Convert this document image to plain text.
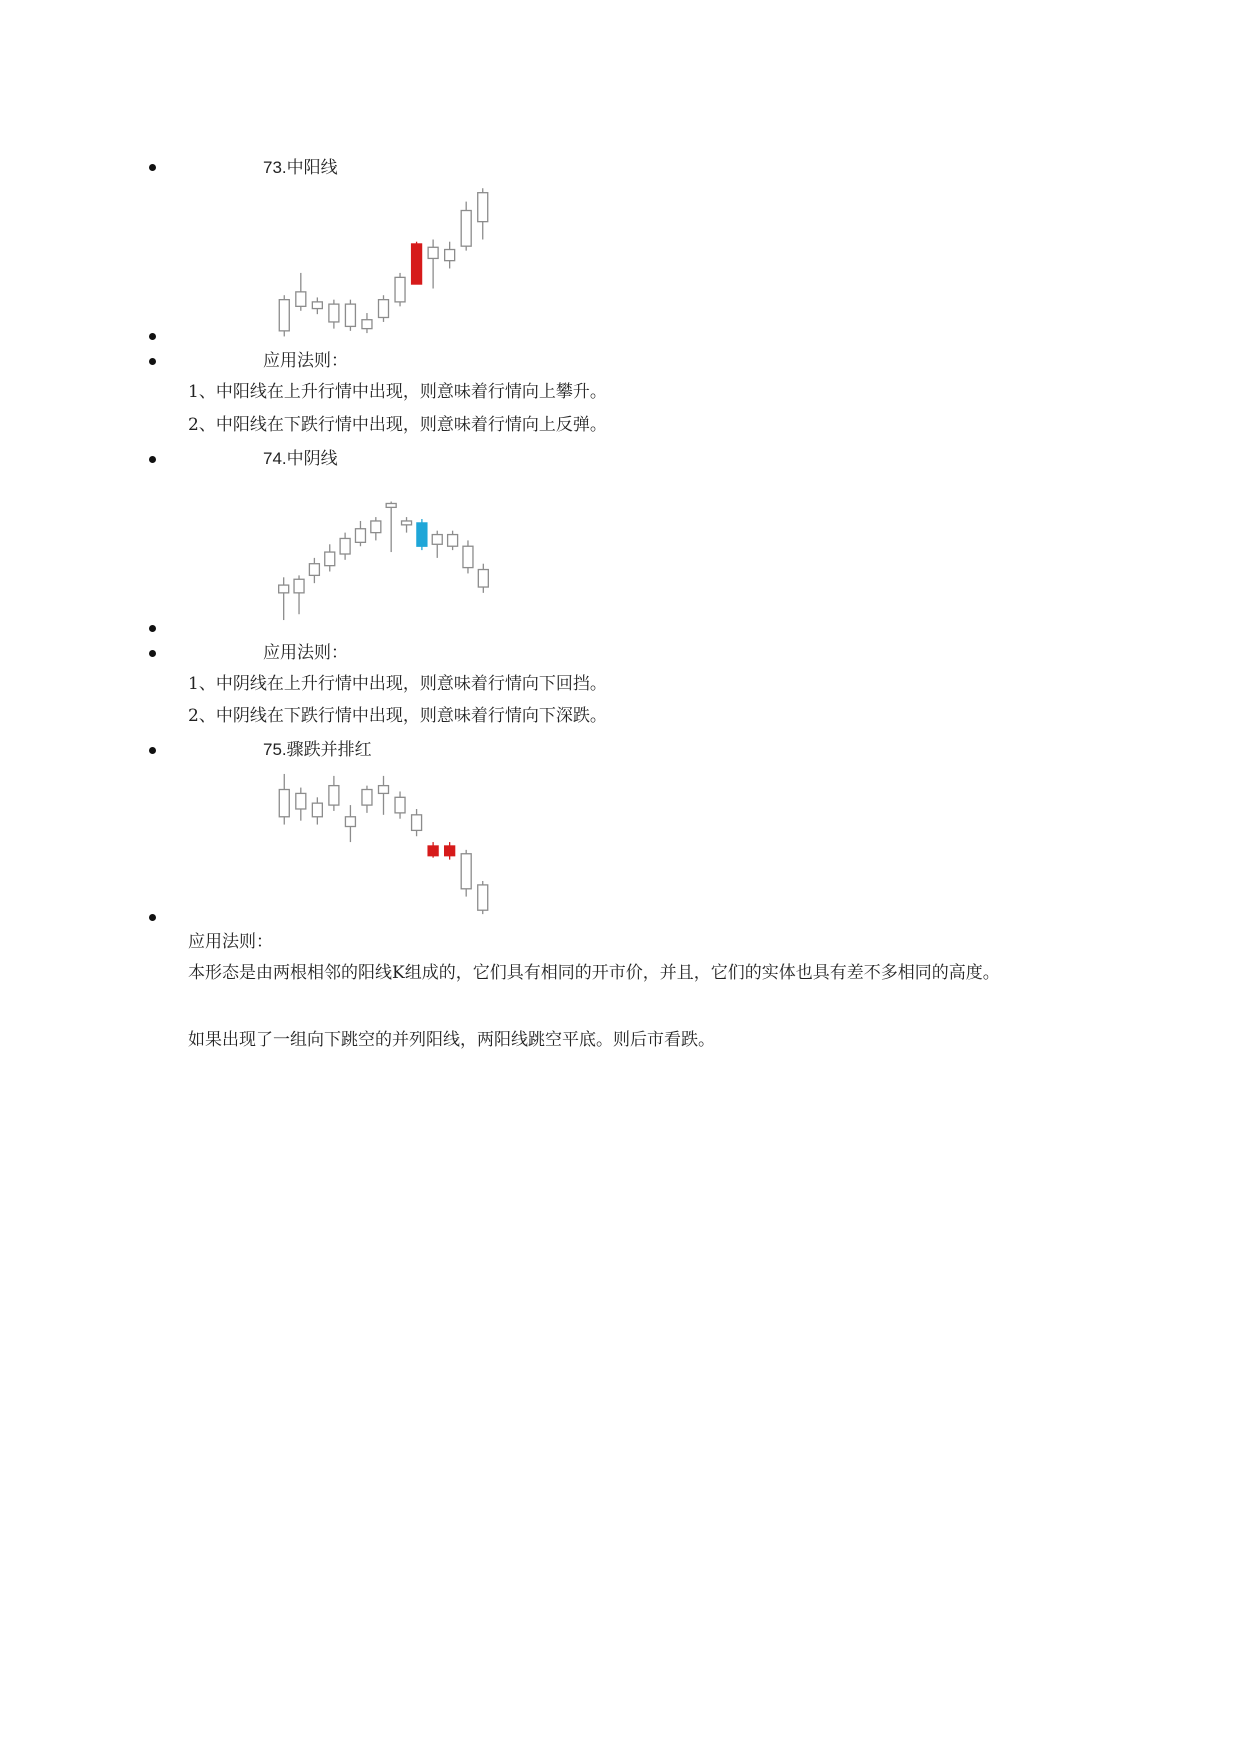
73.中阳线
应用法则：
1、中阳线在上升行情中出现，则意味着行情向上攀升。
2、中阳线在下跌行情中出现，则意味着行情向上反弹。
74.中阴线
应用法则：
1、中阴线在上升行情中出现，则意味着行情向下回挡。
2、中阴线在下跌行情中出现，则意味着行情向下深跌。
75.骤跌并排红
应用法则：
本形态是由两根相邻的阳线K组成的，它们具有相同的开市价，并且，它们的实体也具有差不多相同的高度。
如果出现了一组向下跳空的并列阳线，两阳线跳空平底。则后市看跌。
